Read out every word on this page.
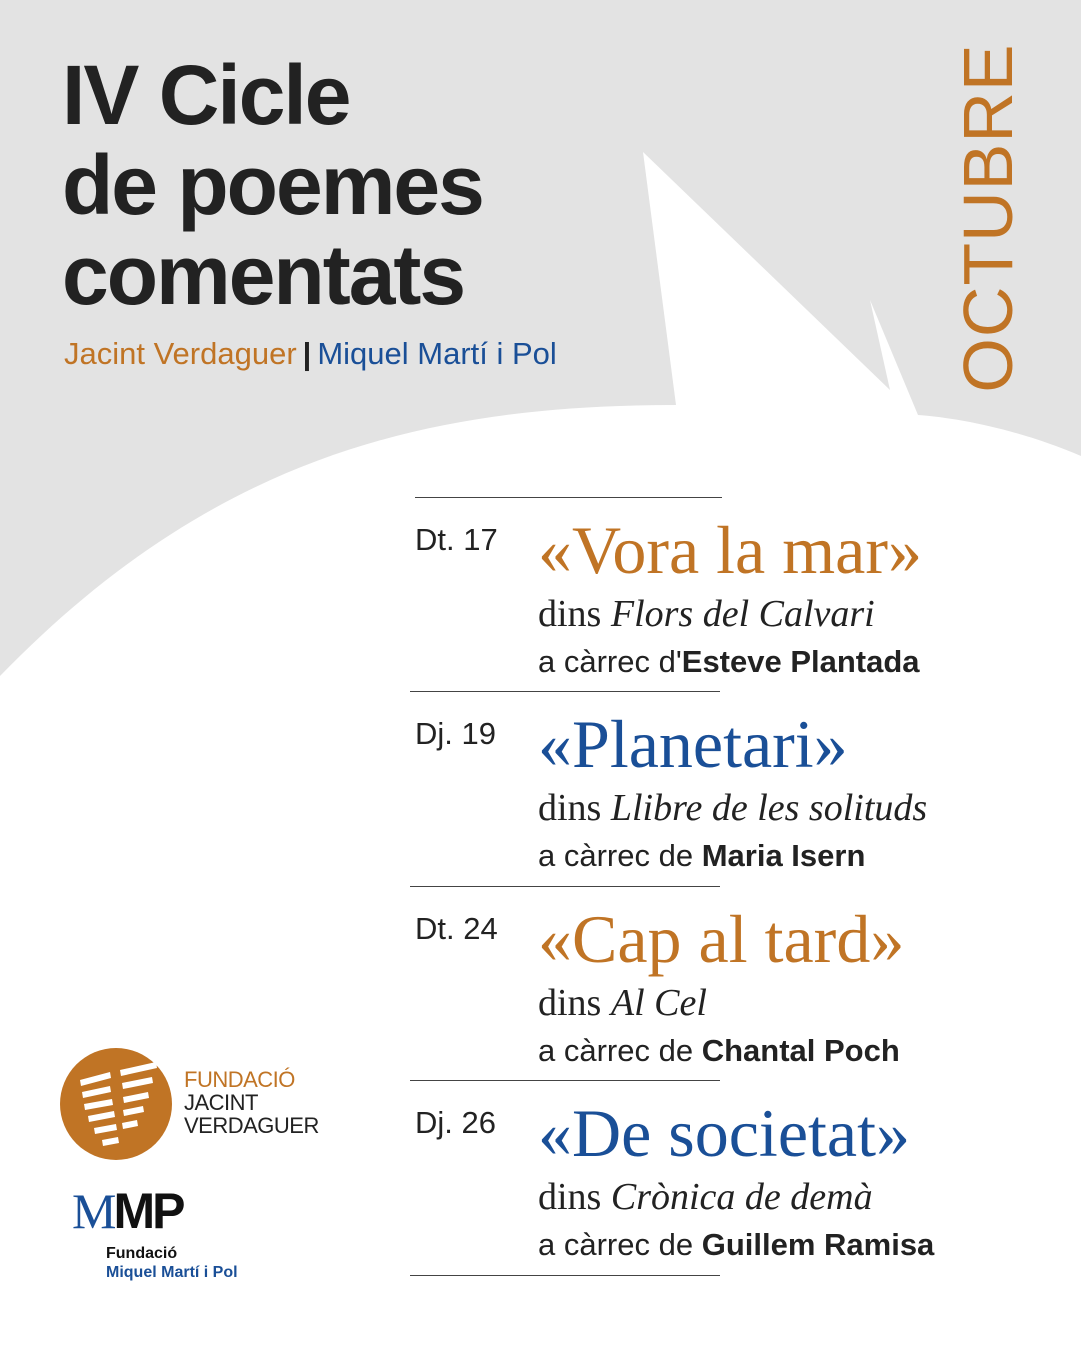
IV Cicle
de poemes
comentats
Jacint Verdaguer | Miquel Martí i Pol	OCTUBRE
Dt. 17 «Vora la mar»
dins Flors del Calvari
a càrrec d'Esteve Plantada
Dj. 19 «Planetari»
dins Llibre de les solituds
a càrrec de Maria Isern
Dt. 24 «Cap al tard»
dins Al Cel
a càrrec de Chantal Poch
Dj. 26 «De societat»
dins Crònica de demà
a càrrec de Guillem Ramisa
FUNDACIÓ
JACINT
VERDAGUER
MMP
Fundació
Miquel Martí i Pol
